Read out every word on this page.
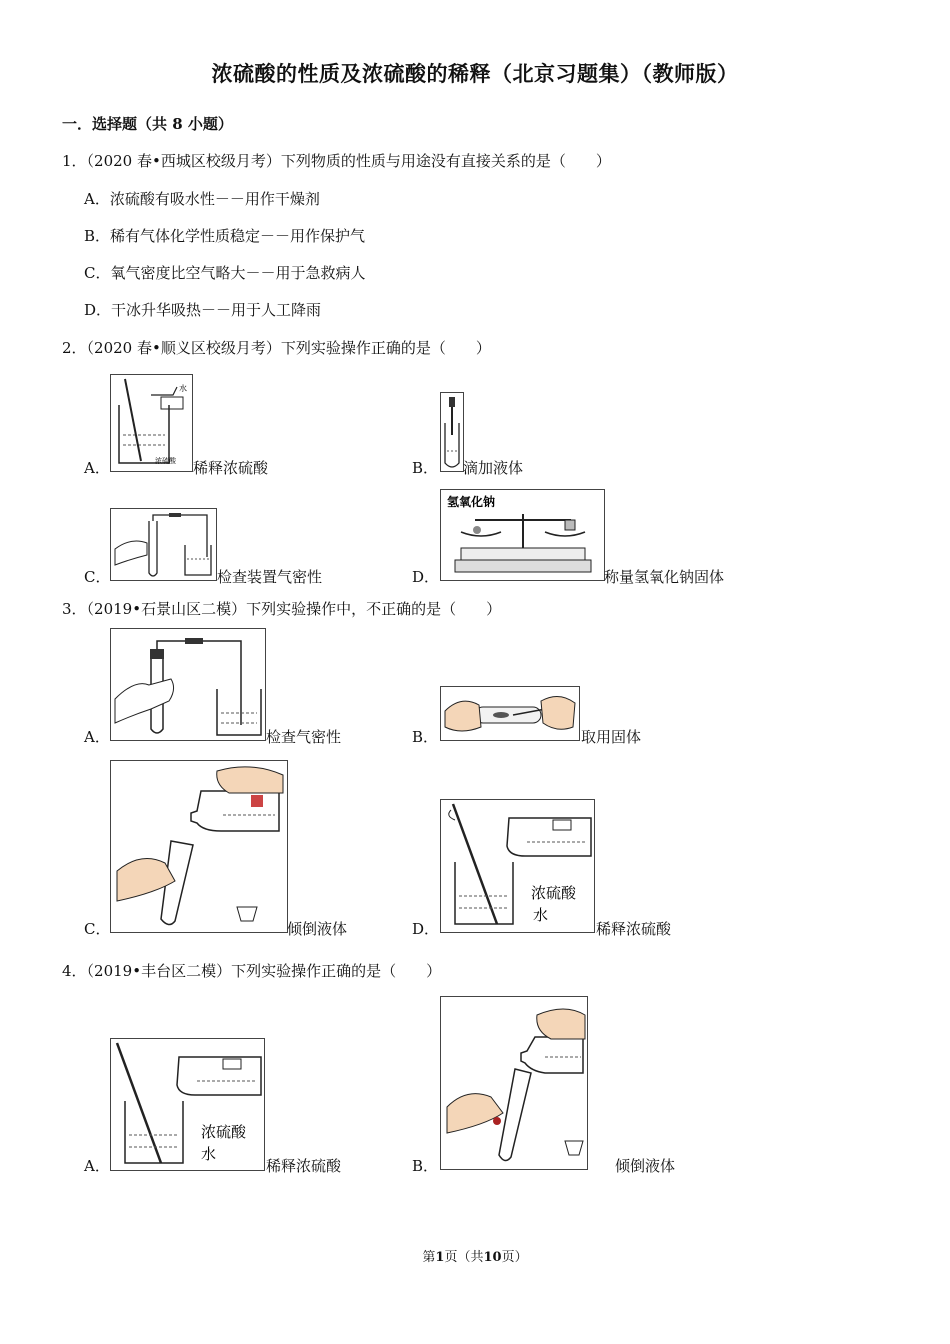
浓硫酸的性质及浓硫酸的稀释（北京习题集）（教师版）
一．选择题（共 8 小题）
1．（2020 春•西城区校级月考）下列物质的性质与用途没有直接关系的是（　　）
A．浓硫酸有吸水性－－用作干燥剂
B．稀有气体化学性质稳定－－用作保护气
C．氧气密度比空气略大－－用于急救病人
D．干冰升华吸热－－用于人工降雨
2．（2020 春•顺义区校级月考）下列实验操作正确的是（　　）
A．
水
浓硫酸 稀释浓硫酸	B． 滴加液体
C．	检查装置气密性	D．
氢氧化钠
称量氢氧化钠固体
3．（2019•石景山区二模）下列实验操作中，不正确的是（　　）
A．	检查气密性	B．	取用固体
C．	倾倒液体	D．
浓硫酸
水
稀释浓硫酸
4．（2019•丰台区二模）下列实验操作正确的是（　　）
A．
浓硫酸
水
稀释浓硫酸	B．	倾倒液体
第1页（共10页）
